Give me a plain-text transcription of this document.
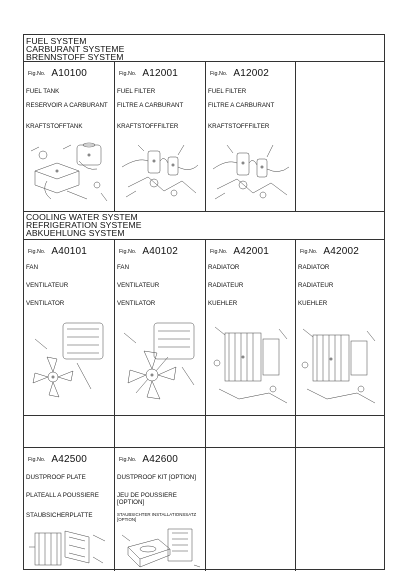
FUEL SYSTEM
CARBURANT SYSTEME
BRENNSTOFF SYSTEM
COOLING WATER SYSTEM
REFRIGERATION SYSTEME
ABKUEHLUNG SYSTEM
Fig.No. A10100
FUEL TANK
RESERVOIR A CARBURANT
KRAFTSTOFFTANK
Fig.No. A12001
FUEL FILTER
FILTRE A CARBURANT
KRAFTSTOFFFILTER
Fig.No. A12002
FUEL FILTER
FILTRE A CARBURANT
KRAFTSTOFFFILTER
Fig.No. A40101
FAN
VENTILATEUR
VENTILATOR
Fig.No. A40102
FAN
VENTILATEUR
VENTILATOR
Fig.No. A42001
RADIATOR
RADIATEUR
KUEHLER
Fig.No. A42002
RADIATOR
RADIATEUR
KUEHLER
Fig.No. A42500
DUSTPROOF PLATE
PLATEALL A POUSSIERE
STAUBSICHERPLATTE
Fig.No. A42600
DUSTPROOF KIT [OPTION]
JEU DE POUSSIERE [OPTION]
STAUBSICHTER INSTALLATIONSSATZ [OPTION]
